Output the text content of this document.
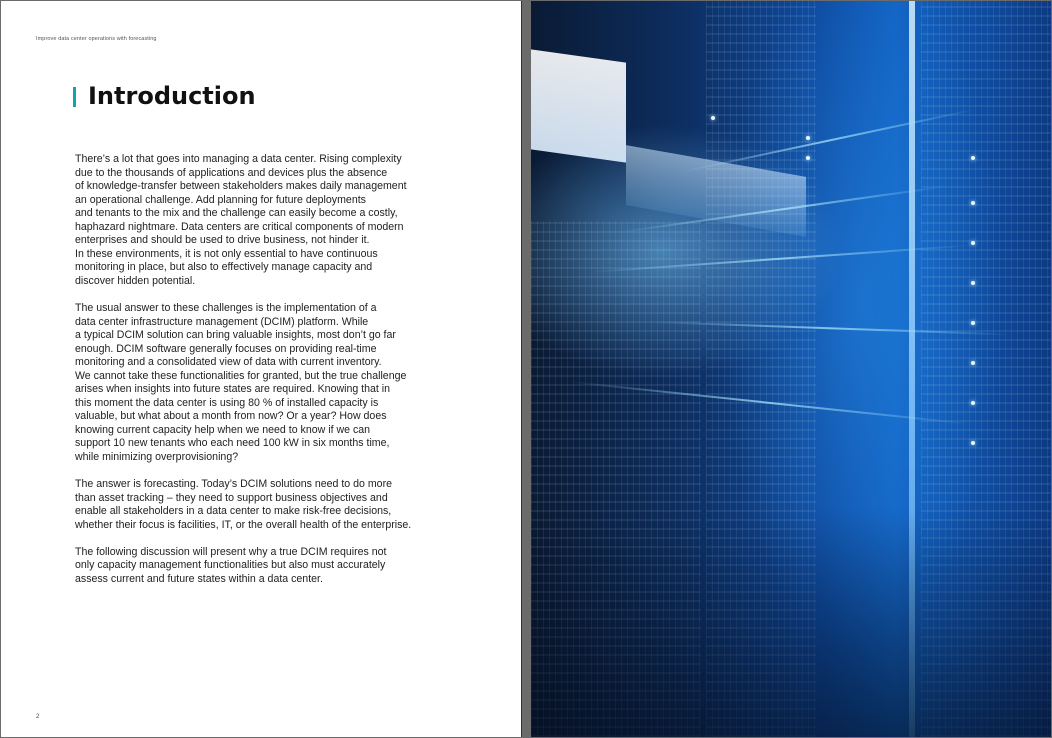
Improve data center operations with forecasting
Introduction

There’s a lot that goes into managing a data center. Rising complexity
due to the thousands of applications and devices plus the absence
of knowledge-transfer between stakeholders makes daily management
an operational challenge. Add planning for future deployments
and tenants to the mix and the challenge can easily become a costly,
haphazard nightmare. Data centers are critical components of modern
enterprises and should be used to drive business, not hinder it.
In these environments, it is not only essential to have continuous
monitoring in place, but also to effectively manage capacity and
discover hidden potential.

The usual answer to these challenges is the implementation of a
data center infrastructure management (DCIM) platform. While
a typical DCIM solution can bring valuable insights, most don’t go far
enough. DCIM software generally focuses on providing real-time
monitoring and a consolidated view of data with current inventory.
We cannot take these functionalities for granted, but the true challenge
arises when insights into future states are required. Knowing that in
this moment the data center is using 80 % of installed capacity is
valuable, but what about a month from now? Or a year? How does
knowing current capacity help when we need to know if we can
support 10 new tenants who each need 100 kW in six months time,
while minimizing overprovisioning?

The answer is forecasting. Today’s DCIM solutions need to do more
than asset tracking – they need to support business objectives and
enable all stakeholders in a data center to make risk-free decisions,
whether their focus is facilities, IT, or the overall health of the enterprise.

The following discussion will present why a true DCIM requires not
only capacity management functionalities but also must accurately
assess current and future states within a data center.

2
